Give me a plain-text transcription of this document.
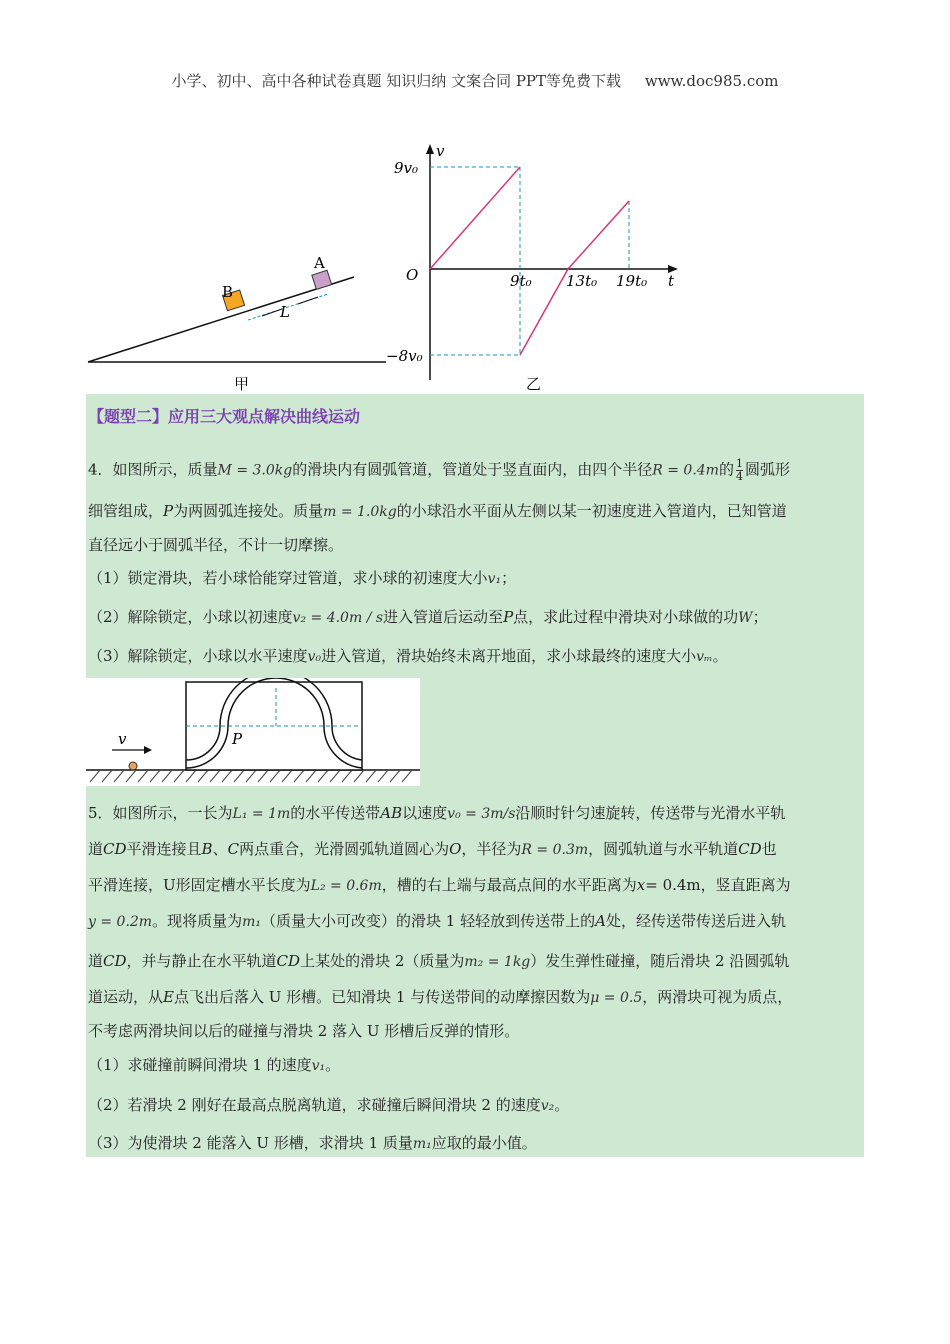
小学、初中、高中各种试卷真题 知识归纳 文案合同 PPT等免费下载 www.doc985.com
B
A
L
甲
v
t
O
9v₀
−8v₀
9t₀ 13t₀ 19t₀
乙
【题型二】应用三大观点解决曲线运动
4．如图所示，质量M = 3.0kg的滑块内有圆弧管道，管道处于竖直面内，由四个半径R = 0.4m的 $\frac{1}{4}$ 圆弧形
细管组成，P为两圆弧连接处。质量m = 1.0kg的小球沿水平面从左侧以某一初速度进入管道内，已知管道
直径远小于圆弧半径，不计一切摩擦。
（1）锁定滑块，若小球恰能穿过管道，求小球的初速度大小v₁；
（2）解除锁定，小球以初速度v₂ = 4.0m / s进入管道后运动至P点，求此过程中滑块对小球做的功W；
（3）解除锁定，小球以水平速度v₀进入管道，滑块始终未离开地面，求小球最终的速度大小vₘ。
v	P
5．如图所示，一长为L₁ = 1m的水平传送带AB以速度v₀ = 3m/s沿顺时针匀速旋转，传送带与光滑水平轨
道CD平滑连接且B、C两点重合，光滑圆弧轨道圆心为O，半径为R = 0.3m，圆弧轨道与水平轨道CD也
平滑连接，U形固定槽水平长度为L₂ = 0.6m，槽的右上端与最高点间的水平距离为x= 0.4m，竖直距离为
y = 0.2m。现将质量为m₁（质量大小可改变）的滑块 1 轻轻放到传送带上的A处，经传送带传送后进入轨
道CD，并与静止在水平轨道CD上某处的滑块 2（质量为m₂ = 1kg）发生弹性碰撞，随后滑块 2 沿圆弧轨
道运动，从E点飞出后落入 U 形槽。已知滑块 1 与传送带间的动摩擦因数为μ = 0.5，两滑块可视为质点，
不考虑两滑块间以后的碰撞与滑块 2 落入 U 形槽后反弹的情形。
（1）求碰撞前瞬间滑块 1 的速度v₁。
（2）若滑块 2 刚好在最高点脱离轨道，求碰撞后瞬间滑块 2 的速度v₂。
（3）为使滑块 2 能落入 U 形槽，求滑块 1 质量m₁应取的最小值。
